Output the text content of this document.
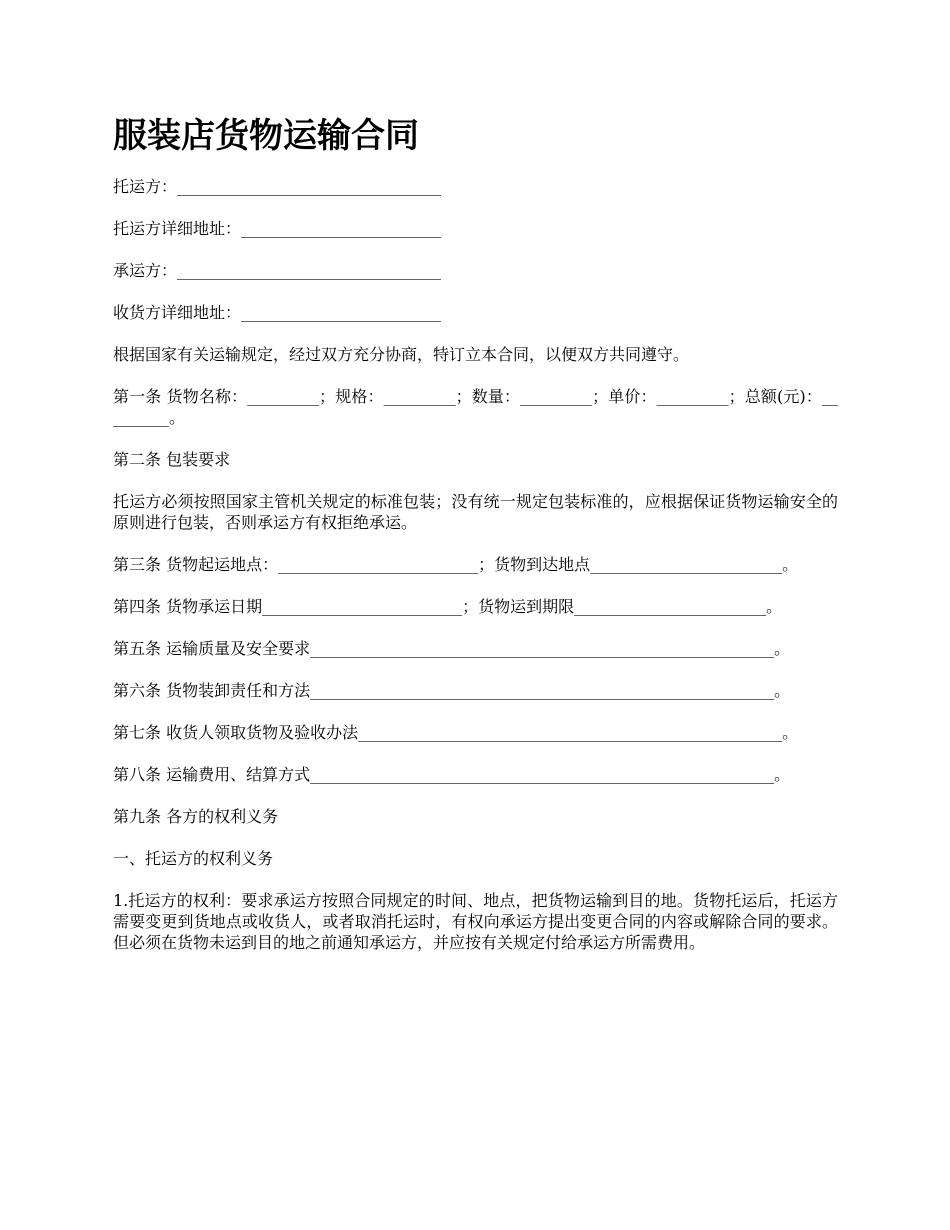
服装店货物运输合同

托运方：_________________________________

托运方详细地址：_________________________

承运方：_________________________________

收货方详细地址：_________________________

根据国家有关运输规定，经过双方充分协商，特订立本合同，以便双方共同遵守。

第一条 货物名称：_________；规格：_________；数量：_________；单价：_________；总额(元)：_________。

第二条 包装要求

托运方必须按照国家主管机关规定的标准包装；没有统一规定包装标准的，应根据保证货物运输安全的原则进行包装，否则承运方有权拒绝承运。

第三条 货物起运地点：_________________________；货物到达地点________________________。

第四条 货物承运日期_________________________；货物运到期限________________________。

第五条 运输质量及安全要求__________________________________________________________。

第六条 货物装卸责任和方法__________________________________________________________。

第七条 收货人领取货物及验收办法_____________________________________________________。

第八条 运输费用、结算方式__________________________________________________________。

第九条 各方的权利义务

一、托运方的权利义务

1.托运方的权利：要求承运方按照合同规定的时间、地点，把货物运输到目的地。货物托运后，托运方需要变更到货地点或收货人，或者取消托运时，有权向承运方提出变更合同的内容或解除合同的要求。但必须在货物未运到目的地之前通知承运方，并应按有关规定付给承运方所需费用。
